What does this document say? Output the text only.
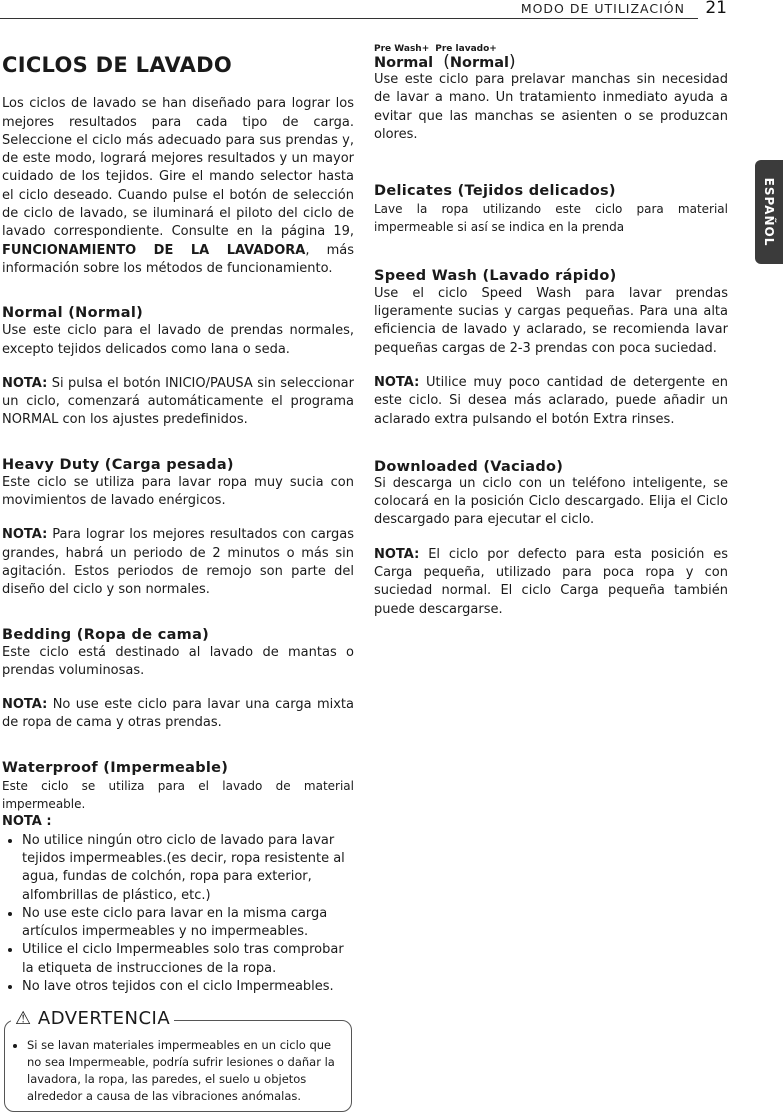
MODO DE UTILIZACIÓN 21
ESPAÑOL
CICLOS DE LAVADO

Los ciclos de lavado se han diseñado para lograr los mejores resultados para cada tipo de carga. Seleccione el ciclo más adecuado para sus prendas y, de este modo, logrará mejores resultados y un mayor cuidado de los tejidos. Gire el mando selector hasta el ciclo deseado. Cuando pulse el botón de selección de ciclo de lavado, se iluminará el piloto del ciclo de lavado correspondiente. Consulte en la página 19, FUNCIONAMIENTO DE LA LAVADORA, más información sobre los métodos de funcionamiento.

Normal (Normal)

Use este ciclo para el lavado de prendas normales, excepto tejidos delicados como lana o seda.

NOTA: Si pulsa el botón INICIO/PAUSA sin seleccionar un ciclo, comenzará automáticamente el programa NORMAL con los ajustes predefinidos.

Heavy Duty (Carga pesada)

Este ciclo se utiliza para lavar ropa muy sucia con movimientos de lavado enérgicos.

NOTA: Para lograr los mejores resultados con cargas grandes, habrá un periodo de 2 minutos o más sin agitación. Estos periodos de remojo son parte del diseño del ciclo y son normales.

Bedding (Ropa de cama)

Este ciclo está destinado al lavado de mantas o prendas voluminosas.

NOTA: No use este ciclo para lavar una carga mixta de ropa de cama y otras prendas.

Waterproof (Impermeable)

Este ciclo se utiliza para el lavado de material impermeable.

NOTA :

• No utilice ningún otro ciclo de lavado para lavar tejidos impermeables.(es decir, ropa resistente al agua, fundas de colchón, ropa para exterior, alfombrillas de plástico, etc.)
• No use este ciclo para lavar en la misma carga artículos impermeables y no impermeables.
• Utilice el ciclo Impermeables solo tras comprobar la etiqueta de instrucciones de la ropa.
• No lave otros tejidos con el ciclo Impermeables.
⚠ ADVERTENCIA
• Si se lavan materiales impermeables en un ciclo que no sea Impermeable, podría sufrir lesiones o dañar la lavadora, la ropa, las paredes, el suelo u objetos alrededor a causa de las vibraciones anómalas.
Pre Wash+ Pre lavado+
Normal (Normal)

Use este ciclo para prelavar manchas sin necesidad de lavar a mano. Un tratamiento inmediato ayuda a evitar que las manchas se asienten o se produzcan olores.

Delicates (Tejidos delicados)

Lave la ropa utilizando este ciclo para material impermeable si así se indica en la prenda

Speed Wash (Lavado rápido)

Use el ciclo Speed Wash para lavar prendas ligeramente sucias y cargas pequeñas. Para una alta eficiencia de lavado y aclarado, se recomienda lavar pequeñas cargas de 2-3 prendas con poca suciedad.

NOTA: Utilice muy poco cantidad de detergente en este ciclo. Si desea más aclarado, puede añadir un aclarado extra pulsando el botón Extra rinses.

Downloaded (Vaciado)

Si descarga un ciclo con un teléfono inteligente, se colocará en la posición Ciclo descargado. Elija el Ciclo descargado para ejecutar el ciclo.

NOTA: El ciclo por defecto para esta posición es Carga pequeña, utilizado para poca ropa y con suciedad normal. El ciclo Carga pequeña también puede descargarse.
